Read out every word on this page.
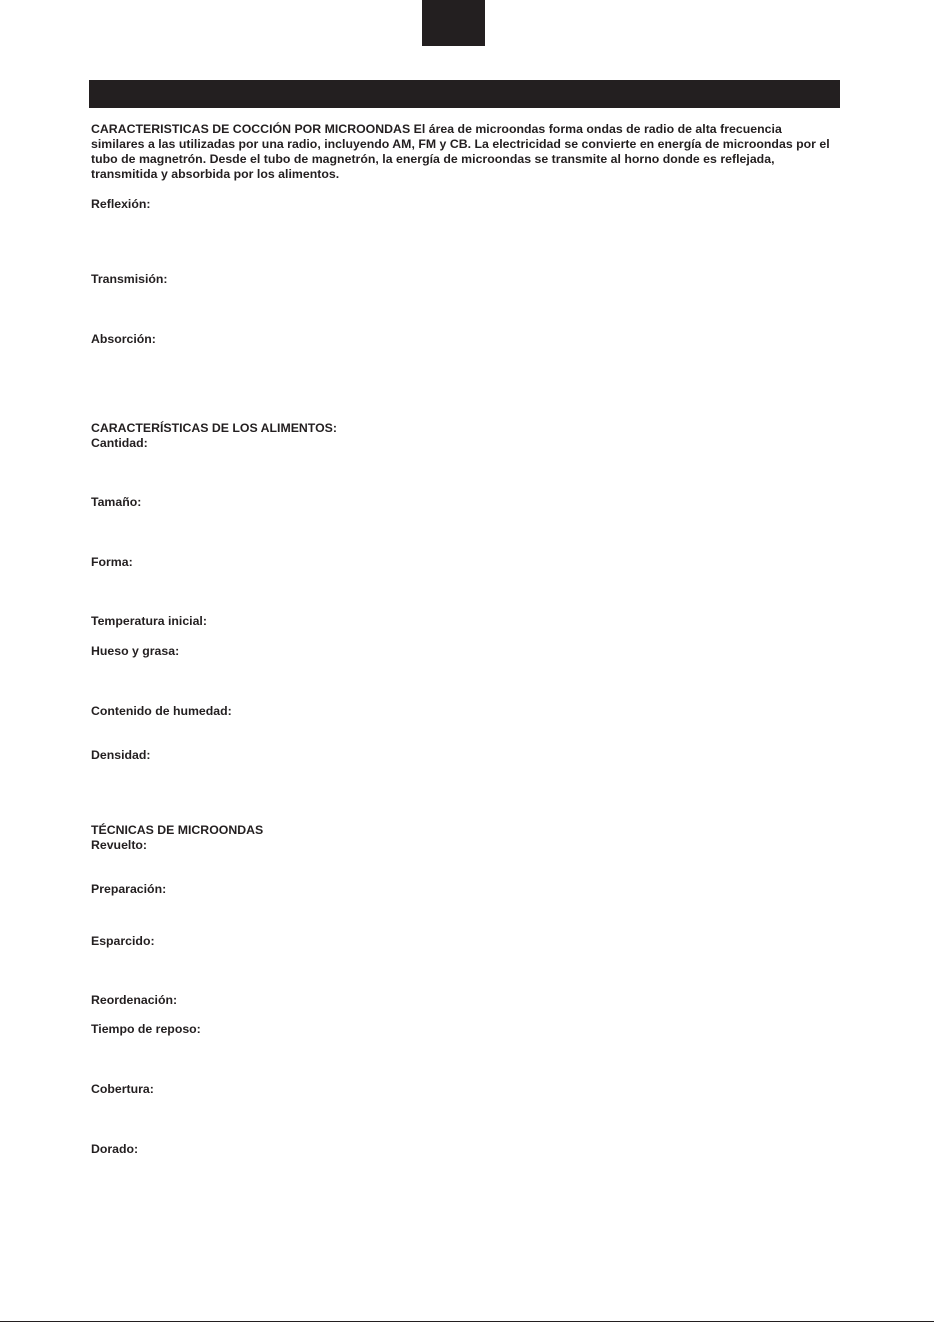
CARACTERISTICAS DE COCCIÓN POR MICROONDAS El área de microondas forma ondas de radio de alta frecuencia similares a las utilizadas por una radio, incluyendo AM, FM y CB. La electricidad se convierte en energía de microondas por el tubo de magnetrón. Desde el tubo de magnetrón, la energía de microondas se transmite al horno donde es reflejada, transmitida y absorbida por los alimentos.

Reflexión:

Transmisión:

Absorción:

CARACTERÍSTICAS DE LOS ALIMENTOS:

Cantidad:

Tamaño:

Forma:

Temperatura inicial:

Hueso y grasa:

Contenido de humedad:

Densidad:

TÉCNICAS DE MICROONDAS

Revuelto:

Preparación:

Esparcido:

Reordenación:

Tiempo de reposo:

Cobertura:

Dorado:
